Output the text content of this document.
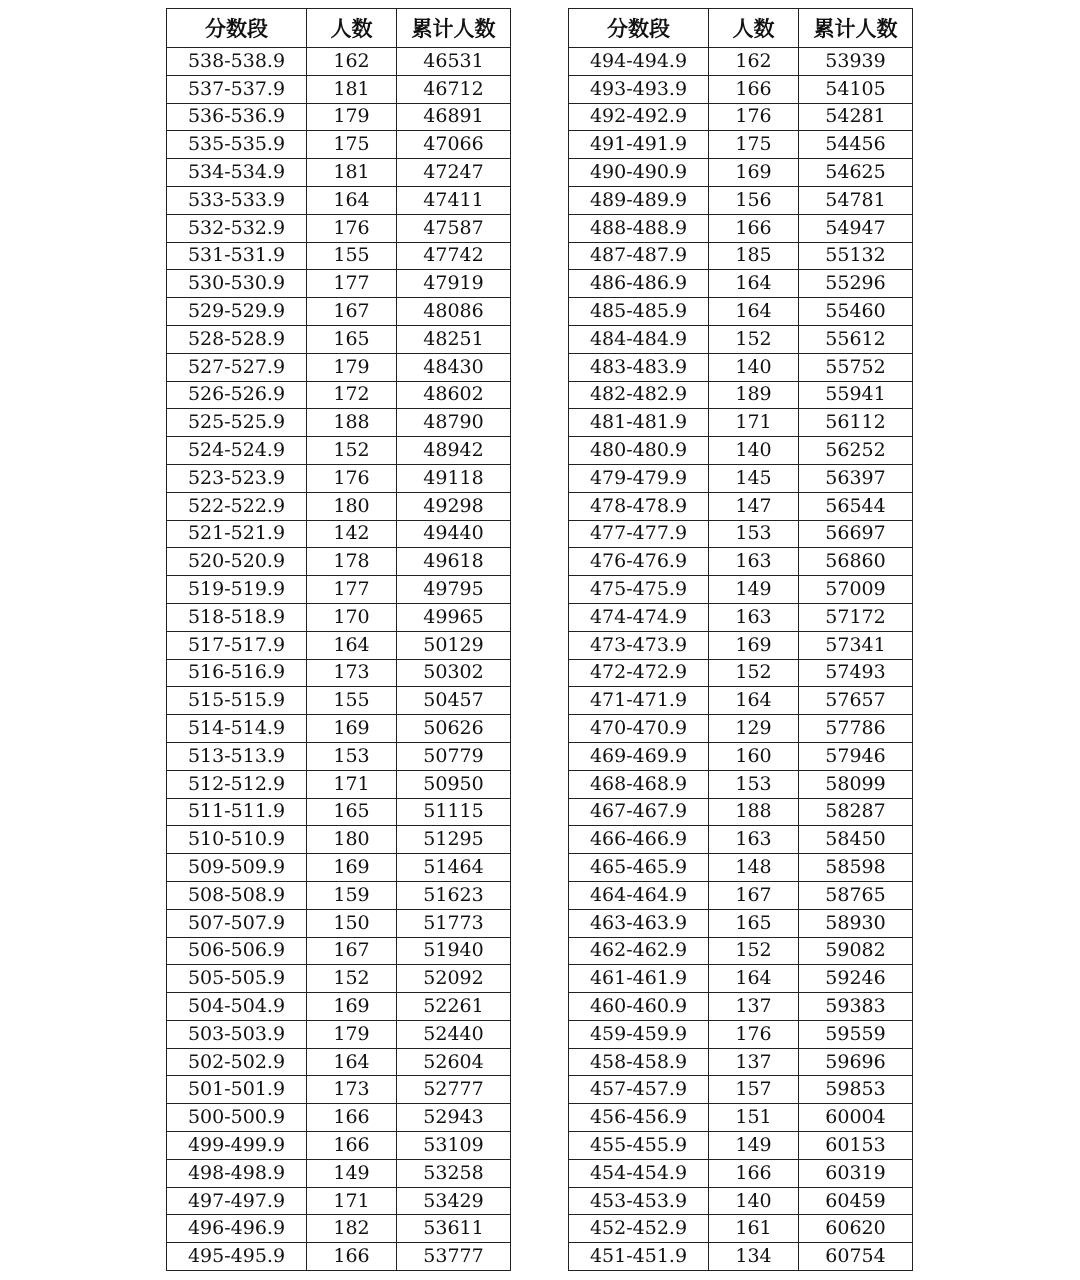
分数段	人数	累计人数
538-538.9	162	46531
537-537.9	181	46712
536-536.9	179	46891
535-535.9	175	47066
534-534.9	181	47247
533-533.9	164	47411
532-532.9	176	47587
531-531.9	155	47742
530-530.9	177	47919
529-529.9	167	48086
528-528.9	165	48251
527-527.9	179	48430
526-526.9	172	48602
525-525.9	188	48790
524-524.9	152	48942
523-523.9	176	49118
522-522.9	180	49298
521-521.9	142	49440
520-520.9	178	49618
519-519.9	177	49795
518-518.9	170	49965
517-517.9	164	50129
516-516.9	173	50302
515-515.9	155	50457
514-514.9	169	50626
513-513.9	153	50779
512-512.9	171	50950
511-511.9	165	51115
510-510.9	180	51295
509-509.9	169	51464
508-508.9	159	51623
507-507.9	150	51773
506-506.9	167	51940
505-505.9	152	52092
504-504.9	169	52261
503-503.9	179	52440
502-502.9	164	52604
501-501.9	173	52777
500-500.9	166	52943
499-499.9	166	53109
498-498.9	149	53258
497-497.9	171	53429
496-496.9	182	53611
495-495.9	166	53777
分数段	人数	累计人数
494-494.9	162	53939
493-493.9	166	54105
492-492.9	176	54281
491-491.9	175	54456
490-490.9	169	54625
489-489.9	156	54781
488-488.9	166	54947
487-487.9	185	55132
486-486.9	164	55296
485-485.9	164	55460
484-484.9	152	55612
483-483.9	140	55752
482-482.9	189	55941
481-481.9	171	56112
480-480.9	140	56252
479-479.9	145	56397
478-478.9	147	56544
477-477.9	153	56697
476-476.9	163	56860
475-475.9	149	57009
474-474.9	163	57172
473-473.9	169	57341
472-472.9	152	57493
471-471.9	164	57657
470-470.9	129	57786
469-469.9	160	57946
468-468.9	153	58099
467-467.9	188	58287
466-466.9	163	58450
465-465.9	148	58598
464-464.9	167	58765
463-463.9	165	58930
462-462.9	152	59082
461-461.9	164	59246
460-460.9	137	59383
459-459.9	176	59559
458-458.9	137	59696
457-457.9	157	59853
456-456.9	151	60004
455-455.9	149	60153
454-454.9	166	60319
453-453.9	140	60459
452-452.9	161	60620
451-451.9	134	60754
